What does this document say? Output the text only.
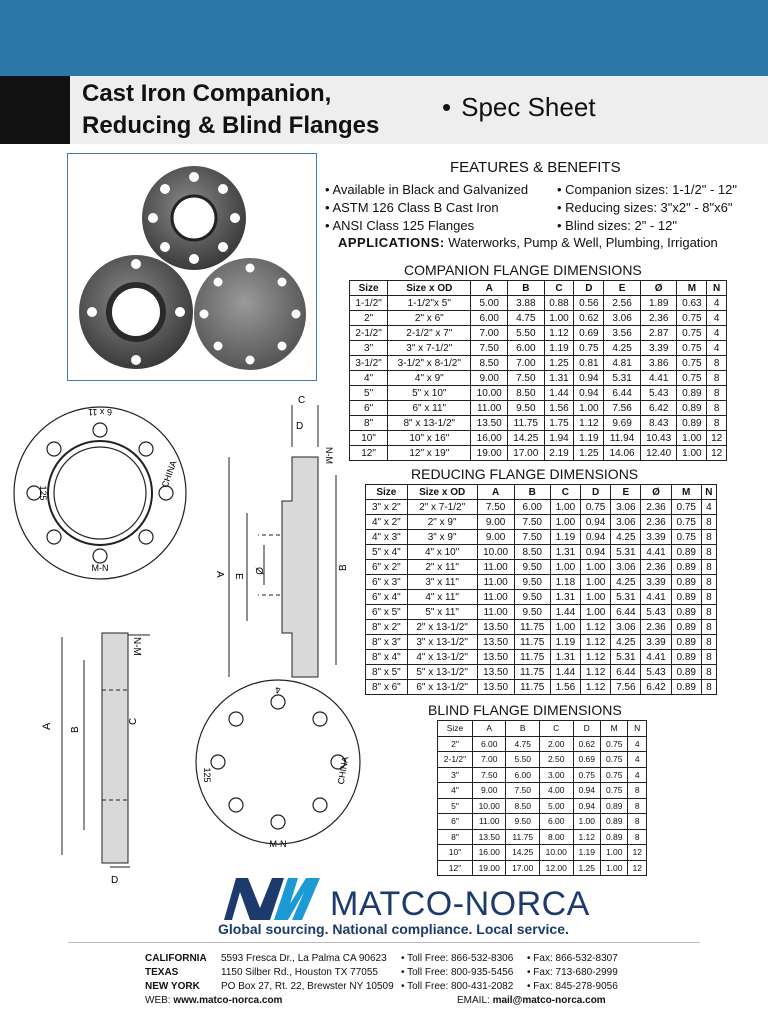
Cast Iron Companion,
Reducing & Blind Flanges
• Spec Sheet
FEATURES & BENEFITS
• Available in Black and Galvanized
• ASTM 126 Class B Cast Iron
• ANSI Class 125 Flanges
• Companion sizes: 1-1/2" - 12"
• Reducing sizes: 3"x2" - 8"x6"
• Blind sizes: 2" - 12"
APPLICATIONS: Waterworks, Pump & Well, Plumbing, Irrigation
COMPANION FLANGE DIMENSIONS
Size	Size x OD	A	B	C	D	E	Ø	M	N
1-1/2"	1-1/2"x 5"	5.00	3.88	0.88	0.56	2.56	1.89	0.63	4
2"	2" x 6"	6.00	4.75	1.00	0.62	3.06	2.36	0.75	4
2-1/2"	2-1/2" x 7"	7.00	5.50	1.12	0.69	3.56	2.87	0.75	4
3"	3" x 7-1/2"	7.50	6.00	1.19	0.75	4.25	3.39	0.75	4
3-1/2"	3-1/2" x 8-1/2"	8.50	7.00	1.25	0.81	4.81	3.86	0.75	8
4"	4" x 9"	9.00	7.50	1.31	0.94	5.31	4.41	0.75	8
5"	5" x 10"	10.00	8.50	1.44	0.94	6.44	5.43	0.89	8
6"	6" x 11"	11.00	9.50	1.56	1.00	7.56	6.42	0.89	8
8"	8" x 13-1/2"	13.50	11.75	1.75	1.12	9.69	8.43	0.89	8
10"	10" x 16"	16.00	14.25	1.94	1.19	11.94	10.43	1.00	12
12"	12" x 19"	19.00	17.00	2.19	1.25	14.06	12.40	1.00	12
REDUCING FLANGE DIMENSIONS
Size	Size x OD	A	B	C	D	E	Ø	M	N
3" x 2"	2" x 7-1/2"	7.50	6.00	1.00	0.75	3.06	2.36	0.75	4
4" x 2"	2" x 9"	9.00	7.50	1.00	0.94	3.06	2.36	0.75	8
4" x 3"	3" x 9"	9.00	7.50	1.19	0.94	4.25	3.39	0.75	8
5" x 4"	4" x 10"	10.00	8.50	1.31	0.94	5.31	4.41	0.89	8
6" x 2"	2" x 11"	11.00	9.50	1.00	1.00	3.06	2.36	0.89	8
6" x 3"	3" x 11"	11.00	9.50	1.18	1.00	4.25	3.39	0.89	8
6" x 4"	4" x 11"	11.00	9.50	1.31	1.00	5.31	4.41	0.89	8
6" x 5"	5" x 11"	11.00	9.50	1.44	1.00	6.44	5.43	0.89	8
8" x 2"	2" x 13-1/2"	13.50	11.75	1.00	1.12	3.06	2.36	0.89	8
8" x 3"	3" x 13-1/2"	13.50	11.75	1.19	1.12	4.25	3.39	0.89	8
8" x 4"	4" x 13-1/2"	13.50	11.75	1.31	1.12	5.31	4.41	0.89	8
8" x 5"	5" x 13-1/2"	13.50	11.75	1.44	1.12	6.44	5.43	0.89	8
8" x 6"	6" x 13-1/2"	13.50	11.75	1.56	1.12	7.56	6.42	0.89	8
BLIND FLANGE DIMENSIONS
Size	A	B	C	D	M	N
2"	6.00	4.75	2.00	0.62	0.75	4
2-1/2"	7.00	5.50	2.50	0.69	0.75	4
3"	7.50	6.00	3.00	0.75	0.75	4
4"	9.00	7.50	4.00	0.94	0.75	8
5"	10.00	8.50	5.00	0.94	0.89	8
6"	11.00	9.50	6.00	1.00	0.89	8
8"	13.50	11.75	8.00	1.12	0.89	8
10"	16.00	14.25	10.00	1.19	1.00	12
12"	19.00	17.00	12.00	1.25	1.00	12
6 x 11
125
CHINA
M-N
C
D
N-M
A E
Ø	B
N-M
A B
C
D
4
125	CHINA
M-N
MATCO-NORCA
Global sourcing. National compliance. Local service.
CALIFORNIA 5593 Fresca Dr., La Palma CA 90623 • Toll Free: 866-532-8306 • Fax: 866-532-8307
TEXAS	1150 Silber Rd., Houston TX 77055 • Toll Free: 800-935-5456 • Fax: 713-680-2999
NEW YORK PO Box 27, Rt. 22, Brewster NY 10509 • Toll Free: 800-431-2082 • Fax: 845-278-9056
WEB: www.matco-norca.com	EMAIL: mail@matco-norca.com
